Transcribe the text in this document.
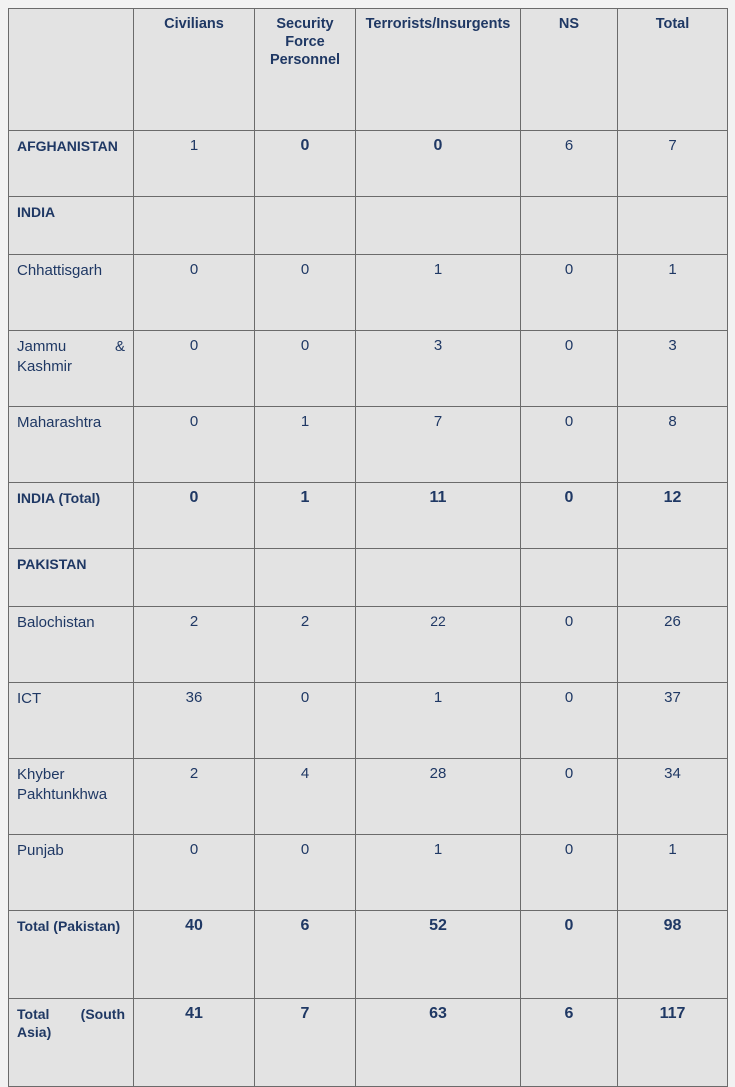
	Civilians	Security Force Personnel	Terrorists/Insurgents	NS	Total
AFGHANISTAN	1	0	0	6	7
INDIA					
Chhattisgarh	0	0	1	0	1
Jammu & Kashmir	0	0	3	0	3
Maharashtra	0	1	7	0	8
INDIA (Total)	0	1	11	0	12
PAKISTAN					
Balochistan	2	2	22	0	26
ICT	36	0	1	0	37
Khyber Pakhtunkhwa	2	4	28	0	34
Punjab	0	0	1	0	1
Total (Pakistan)	40	6	52	0	98
Total (South Asia)	41	7	63	6	117
